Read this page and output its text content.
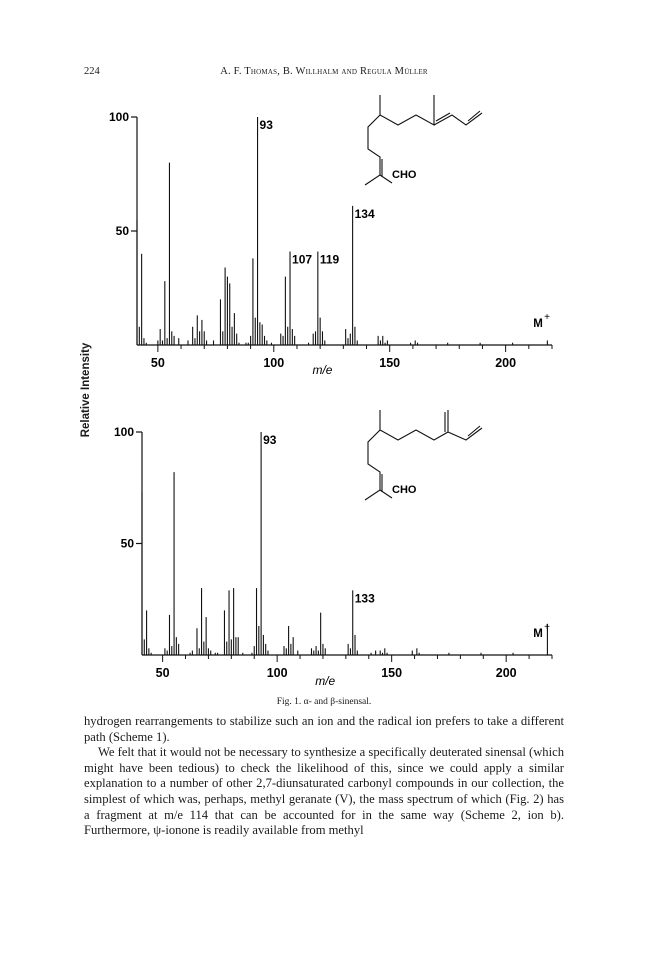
224	A. F. Thomas, B. Willhalm and Regula Müller
Relative Intensity
50
100
50	100	150	200
m/e
93
107 119
134
M
+
CHO
50
100
50	100	150	200
m/e
93
133
M
+
CHO
Fig. 1. α- and β-sinensal.

hydrogen rearrangements to stabilize such an ion and the radical ion prefers to take a different path (Scheme 1).

We felt that it would not be necessary to synthesize a specifically deuterated sinensal (which might have been tedious) to check the likelihood of this, since we could apply a similar explanation to a number of other 2,7-diunsaturated carbonyl compounds in our collection, the simplest of which was, perhaps, methyl geranate (V), the mass spectrum of which (Fig. 2) has a fragment at m/e 114 that can be accounted for in the same way (Scheme 2, ion b). Furthermore, ψ-ionone is readily available from methyl
